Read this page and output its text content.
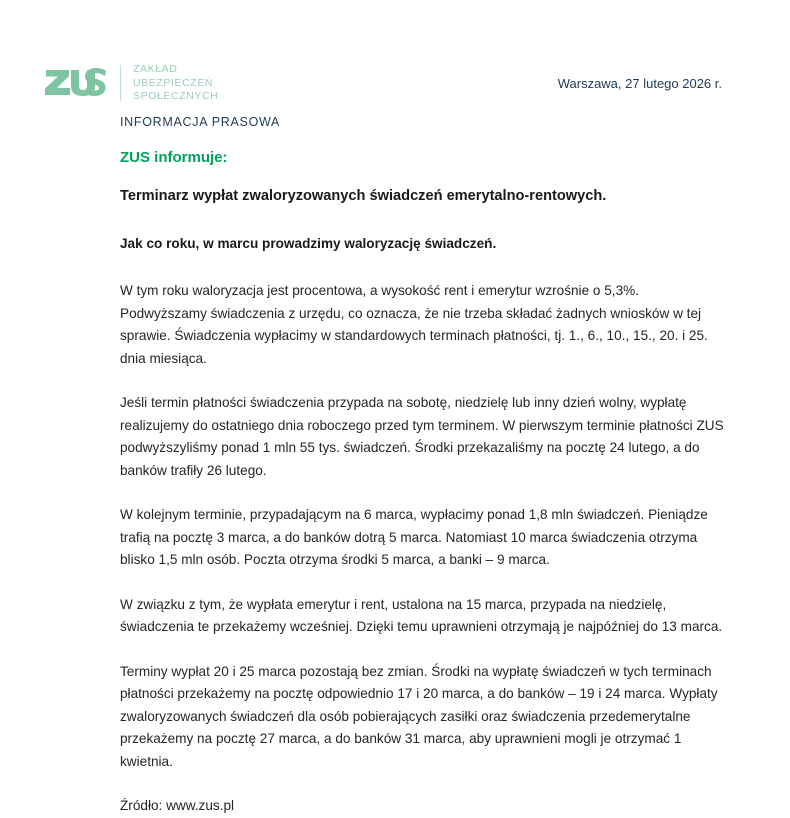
ZAKŁAD
UBEZPIECZEŃ
SPOŁECZNYCH
Warszawa, 27 lutego 2026 r.
INFORMACJA PRASOWA

ZUS informuje:

Terminarz wypłat zwaloryzowanych świadczeń emerytalno-rentowych.

Jak co roku, w marcu prowadzimy waloryzację świadczeń.

W tym roku waloryzacja jest procentowa, a wysokość rent i emerytur wzrośnie o 5,3%. Podwyższamy świadczenia z urzędu, co oznacza, że nie trzeba składać żadnych wniosków w tej sprawie. Świadczenia wypłacimy w standardowych terminach płatności, tj. 1., 6., 10., 15., 20. i 25. dnia miesiąca.

Jeśli termin płatności świadczenia przypada na sobotę, niedzielę lub inny dzień wolny, wypłatę realizujemy do ostatniego dnia roboczego przed tym terminem. W pierwszym terminie płatności ZUS podwyższyliśmy ponad 1 mln 55 tys. świadczeń. Środki przekazaliśmy na pocztę 24 lutego, a do banków trafiły 26 lutego.

W kolejnym terminie, przypadającym na 6 marca, wypłacimy ponad 1,8 mln świadczeń. Pieniądze trafią na pocztę 3 marca, a do banków dotrą 5 marca. Natomiast 10 marca świadczenia otrzyma blisko 1,5 mln osób. Poczta otrzyma środki 5 marca, a banki – 9 marca.

W związku z tym, że wypłata emerytur i rent, ustalona na 15 marca, przypada na niedzielę, świadczenia te przekażemy wcześniej. Dzięki temu uprawnieni otrzymają je najpóźniej do 13 marca.

Terminy wypłat 20 i 25 marca pozostają bez zmian. Środki na wypłatę świadczeń w tych terminach płatności przekażemy na pocztę odpowiednio 17 i 20 marca, a do banków – 19 i 24 marca. Wypłaty zwaloryzowanych świadczeń dla osób pobierających zasiłki oraz świadczenia przedemerytalne przekażemy na pocztę 27 marca, a do banków 31 marca, aby uprawnieni mogli je otrzymać 1 kwietnia.

Źródło: www.zus.pl
